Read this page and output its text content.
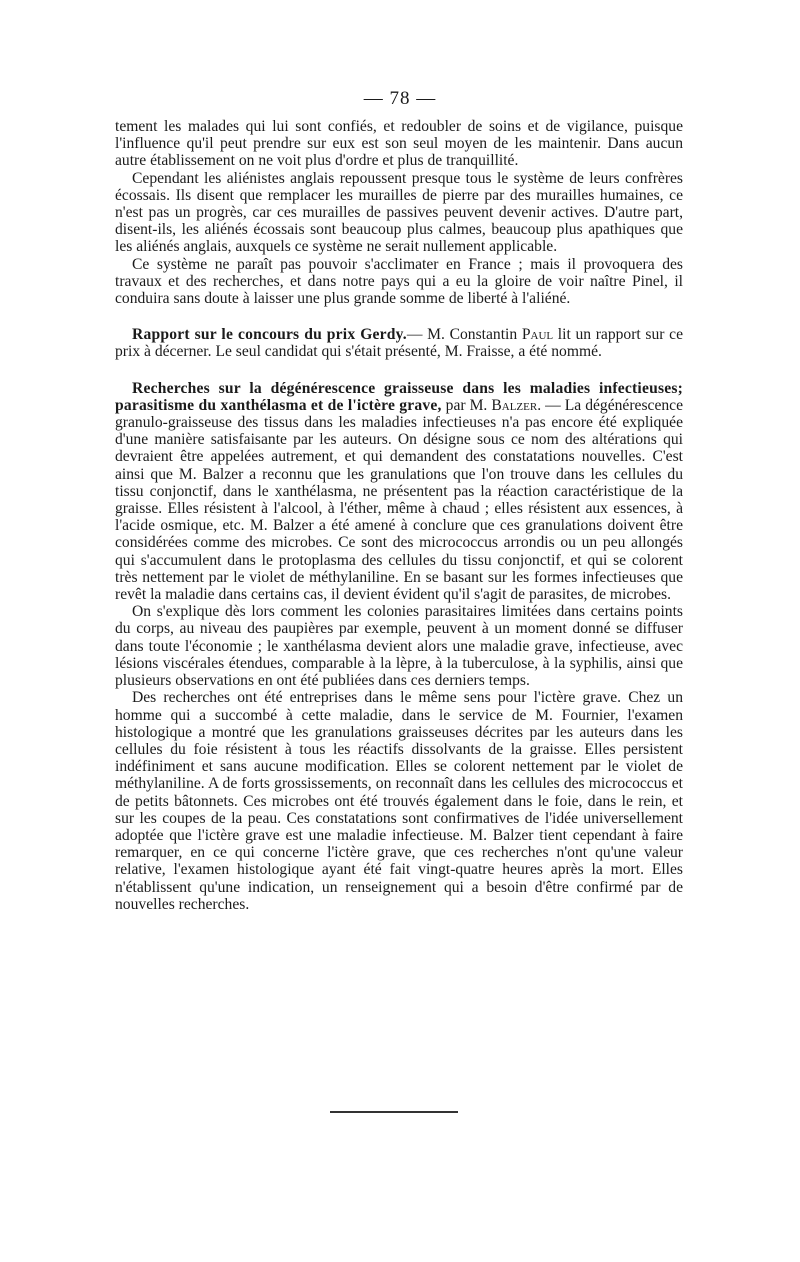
— 78 —

tement les malades qui lui sont confiés, et redoubler de soins et de vigilance, puisque l'influence qu'il peut prendre sur eux est son seul moyen de les maintenir. Dans aucun autre établissement on ne voit plus d'ordre et plus de tranquillité.

Cependant les aliénistes anglais repoussent presque tous le système de leurs confrères écossais. Ils disent que remplacer les murailles de pierre par des murailles humaines, ce n'est pas un progrès, car ces murailles de passives peuvent devenir actives. D'autre part, disent-ils, les aliénés écossais sont beaucoup plus calmes, beaucoup plus apathiques que les aliénés anglais, auxquels ce système ne serait nullement applicable.

Ce système ne paraît pas pouvoir s'acclimater en France ; mais il provoquera des travaux et des recherches, et dans notre pays qui a eu la gloire de voir naître Pinel, il conduira sans doute à laisser une plus grande somme de liberté à l'aliéné.

Rapport sur le concours du prix Gerdy.— M. Constantin Paul lit un rapport sur ce prix à décerner. Le seul candidat qui s'était présenté, M. Fraisse, a été nommé.

Recherches sur la dégénérescence graisseuse dans les maladies infectieuses; parasitisme du xanthélasma et de l'ictère grave, par M. Balzer. — La dégénérescence granulo-graisseuse des tissus dans les maladies infectieuses n'a pas encore été expliquée d'une manière satisfaisante par les auteurs. On désigne sous ce nom des altérations qui devraient être appelées autrement, et qui demandent des constatations nouvelles. C'est ainsi que M. Balzer a reconnu que les granulations que l'on trouve dans les cellules du tissu conjonctif, dans le xanthélasma, ne présentent pas la réaction caractéristique de la graisse. Elles résistent à l'alcool, à l'éther, même à chaud ; elles résistent aux essences, à l'acide osmique, etc. M. Balzer a été amené à conclure que ces granulations doivent être considérées comme des microbes. Ce sont des micrococcus arrondis ou un peu allongés qui s'accumulent dans le protoplasma des cellules du tissu conjonctif, et qui se colorent très nettement par le violet de méthylaniline. En se basant sur les formes infectieuses que revêt la maladie dans certains cas, il devient évident qu'il s'agit de parasites, de microbes.

On s'explique dès lors comment les colonies parasitaires limitées dans certains points du corps, au niveau des paupières par exemple, peuvent à un moment donné se diffuser dans toute l'économie ; le xanthélasma devient alors une maladie grave, infectieuse, avec lésions viscérales étendues, comparable à la lèpre, à la tuberculose, à la syphilis, ainsi que plusieurs observations en ont été publiées dans ces derniers temps.

Des recherches ont été entreprises dans le même sens pour l'ictère grave. Chez un homme qui a succombé à cette maladie, dans le service de M. Fournier, l'examen histologique a montré que les granulations graisseuses décrites par les auteurs dans les cellules du foie résistent à tous les réactifs dissolvants de la graisse. Elles persistent indéfiniment et sans aucune modification. Elles se colorent nettement par le violet de méthylaniline. A de forts grossissements, on reconnaît dans les cellules des micrococcus et de petits bâtonnets. Ces microbes ont été trouvés également dans le foie, dans le rein, et sur les coupes de la peau. Ces constatations sont confirmatives de l'idée universellement adoptée que l'ictère grave est une maladie infectieuse. M. Balzer tient cependant à faire remarquer, en ce qui concerne l'ictère grave, que ces recherches n'ont qu'une valeur relative, l'examen histologique ayant été fait vingt-quatre heures après la mort. Elles n'établissent qu'une indication, un renseignement qui a besoin d'être confirmé par de nouvelles recherches.
